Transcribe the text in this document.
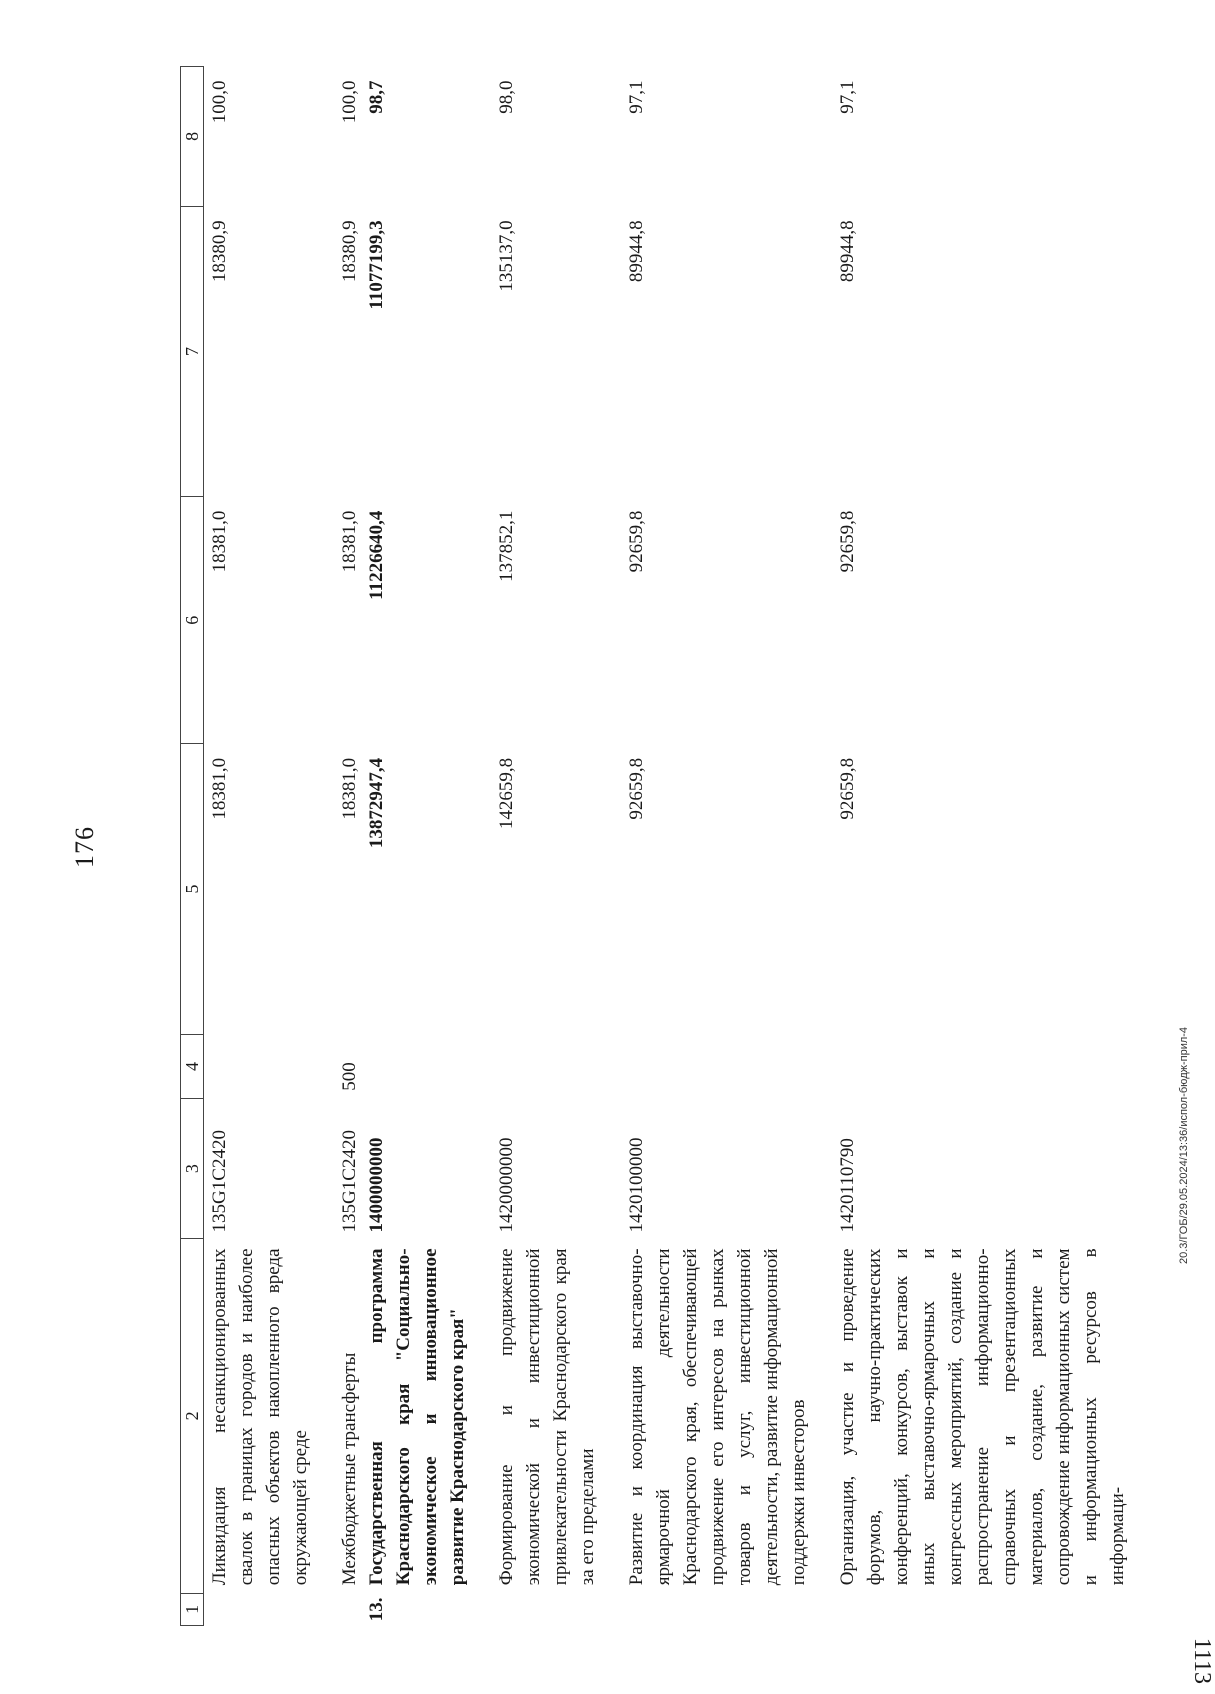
176
1	2	3	4	5	6	7	8
	Ликвидация несанкционированных свалок в границах городов и наиболее опасных объектов накопленного вреда окружающей среде	135G1C2420		18381,0	18381,0	18380,9	100,0
	Межбюджетные трансферты	135G1C2420	500	18381,0	18381,0	18380,9	100,0
13.	Государственная программа Краснодарского края "Социально-экономическое и инновационное развитие Краснодарского края"	1400000000		13872947,4	11226640,4	11077199,3	98,7
	Формирование и продвижение экономической и инвестиционной привлекательности Краснодарского края за его пределами	1420000000		142659,8	137852,1	135137,0	98,0
	Развитие и координация выставочно-ярмарочной деятельности Краснодарского края, обеспечивающей продвижение его интересов на рынках товаров и услуг, инвестиционной деятельности, развитие информационной поддержки инвесторов	1420100000		92659,8	92659,8	89944,8	97,1
	Организация, участие и проведение форумов, научно-практических конференций, конкурсов, выставок и иных выставочно-ярмарочных и конгрессных мероприятий, создание и распространение информационно-справочных и презентационных материалов, создание, развитие и сопровождение информационных систем и информационных ресурсов в информаци-	1420110790		92659,8	92659,8	89944,8	97,1
20.3/ГОБ/29.05.2024/13:36/испол-бюдж-прил-4
1113
